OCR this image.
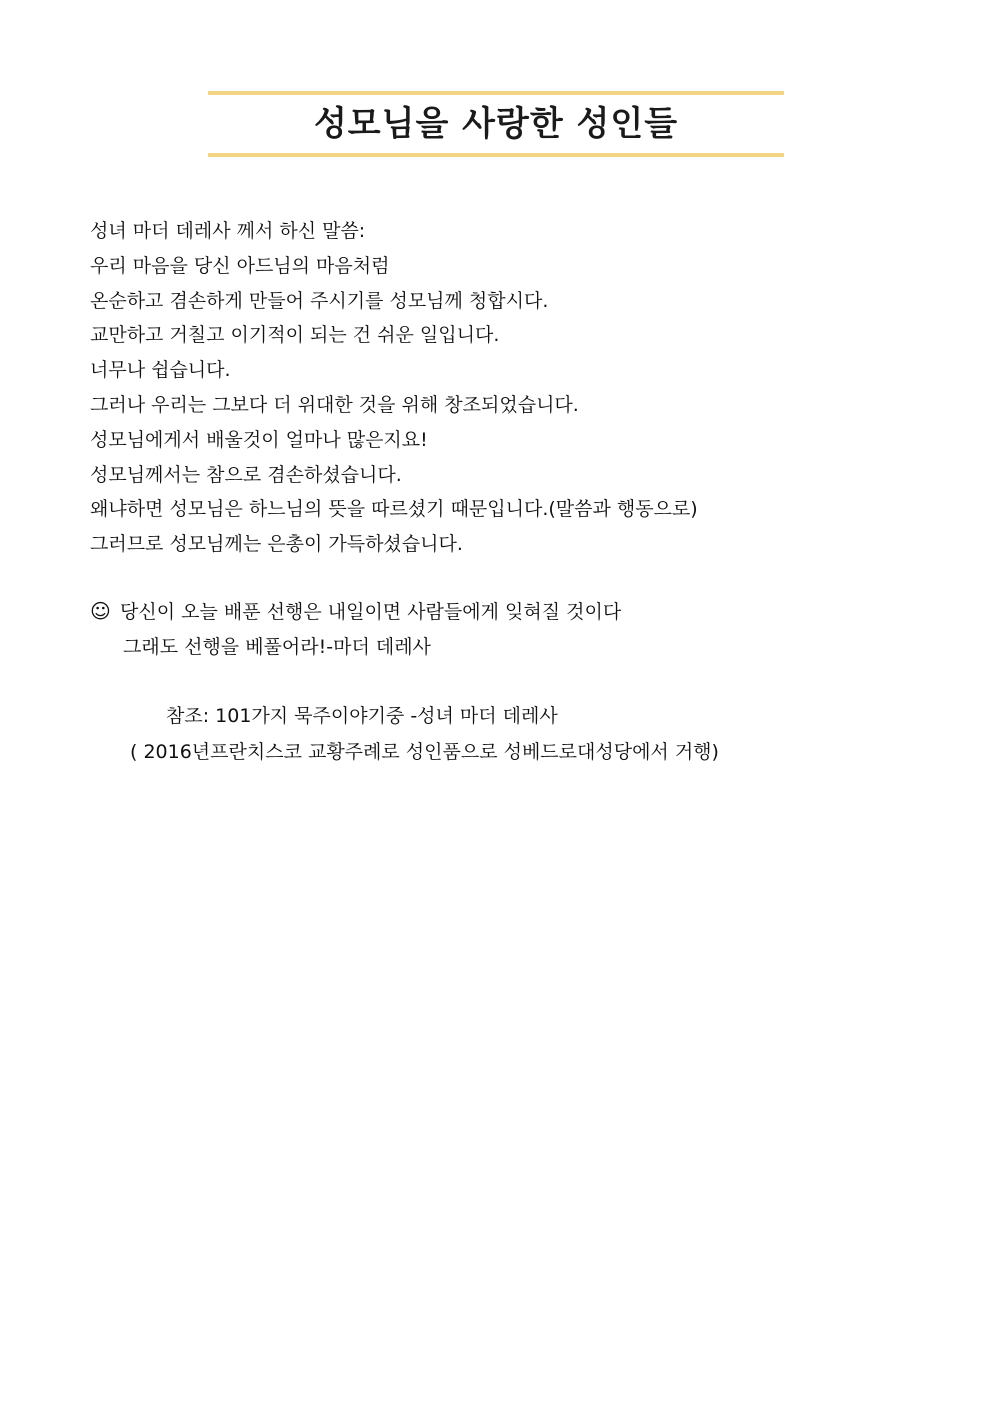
성모님을 사랑한 성인들
성녀 마더 데레사 께서 하신 말씀:
우리 마음을 당신 아드님의 마음처럼
온순하고 겸손하게 만들어 주시기를 성모님께 청합시다.
교만하고 거칠고 이기적이 되는 건 쉬운 일입니다.
너무나 쉽습니다.
그러나 우리는 그보다 더 위대한 것을 위해 창조되었습니다.
성모님에게서 배울것이 얼마나 많은지요!
성모님께서는 참으로 겸손하셨습니다.
왜냐하면 성모님은 하느님의 뜻을 따르셨기 때문입니다.(말씀과 행동으로)
그러므로 성모님께는 은총이 가득하셨습니다.
☺ 당신이 오늘 배푼 선행은 내일이면 사람들에게 잊혀질 것이다
그래도 선행을 베풀어라!-마더 데레사
참조: 101가지 묵주이야기중 -성녀 마더 데레사
( 2016년프란치스코 교황주례로 성인품으로 성베드로대성당에서 거행)
